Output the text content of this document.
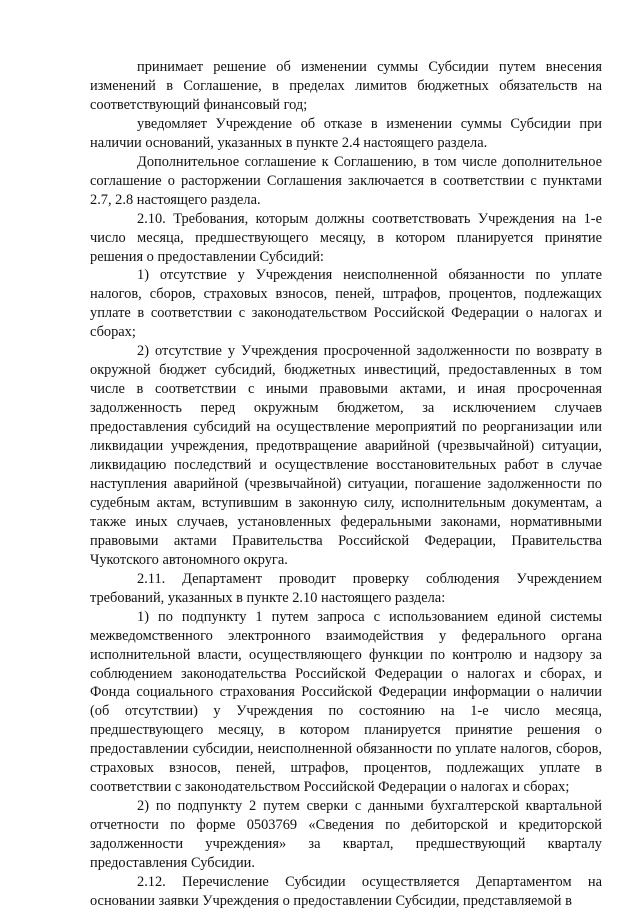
принимает решение об изменении суммы Субсидии путем внесения изменений в Соглашение, в пределах лимитов бюджетных обязательств на соответствующий финансовый год;

уведомляет Учреждение об отказе в изменении суммы Субсидии при наличии оснований, указанных в пункте 2.4 настоящего раздела.

Дополнительное соглашение к Соглашению, в том числе дополнительное соглашение о расторжении Соглашения заключается в соответствии с пунктами 2.7, 2.8 настоящего раздела.

2.10. Требования, которым должны соответствовать Учреждения на 1-е число месяца, предшествующего месяцу, в котором планируется принятие решения о предоставлении Субсидий:

1) отсутствие у Учреждения неисполненной обязанности по уплате налогов, сборов, страховых взносов, пеней, штрафов, процентов, подлежащих уплате в соответствии с законодательством Российской Федерации о налогах и сборах;

2) отсутствие у Учреждения просроченной задолженности по возврату в окружной бюджет субсидий, бюджетных инвестиций, предоставленных в том числе в соответствии с иными правовыми актами, и иная просроченная задолженность перед окружным бюджетом, за исключением случаев предоставления субсидий на осуществление мероприятий по реорганизации или ликвидации учреждения, предотвращение аварийной (чрезвычайной) ситуации, ликвидацию последствий и осуществление восстановительных работ в случае наступления аварийной (чрезвычайной) ситуации, погашение задолженности по судебным актам, вступившим в законную силу, исполнительным документам, а также иных случаев, установленных федеральными законами, нормативными правовыми актами Правительства Российской Федерации, Правительства Чукотского автономного округа.

2.11. Департамент проводит проверку соблюдения Учреждением требований, указанных в пункте 2.10 настоящего раздела:

1) по подпункту 1 путем запроса с использованием единой системы межведомственного электронного взаимодействия у федерального органа исполнительной власти, осуществляющего функции по контролю и надзору за соблюдением законодательства Российской Федерации о налогах и сборах, и Фонда социального страхования Российской Федерации информации о наличии (об отсутствии) у Учреждения по состоянию на 1-е число месяца, предшествующего месяцу, в котором планируется принятие решения о предоставлении субсидии, неисполненной обязанности по уплате налогов, сборов, страховых взносов, пеней, штрафов, процентов, подлежащих уплате в соответствии с законодательством Российской Федерации о налогах и сборах;

2) по подпункту 2 путем сверки с данными бухгалтерской квартальной отчетности по форме 0503769 «Сведения по дебиторской и кредиторской задолженности учреждения» за квартал, предшествующий кварталу предоставления Субсидии.

2.12. Перечисление Субсидии осуществляется Департаментом на основании заявки Учреждения о предоставлении Субсидии, представляемой в
